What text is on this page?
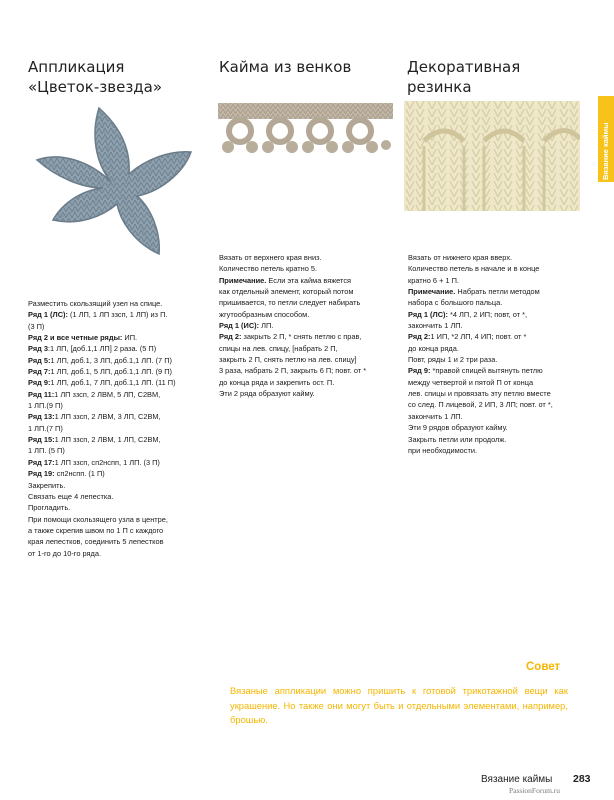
Аппликация
«Цветок-звезда»
Кайма из венков	Декоративная
резинка
Разместить скользящий узел на спице.
Ряд 1 (ЛС): (1 ЛП, 1 ЛП ззсп, 1 ЛП) из П.
(3 П)
Ряд 2 и все четные ряды: ИП.
Ряд 3:1 ЛП, [доб.1,1 ЛП] 2 раза. (5 П)
Ряд 5:1 ЛП, доб.1, 3 ЛП, доб.1,1 ЛП. (7 П)
Ряд 7:1 ЛП, доб.1, 5 ЛП, доб.1,1 ЛП. (9 П)
Ряд 9:1 ЛП, доб.1, 7 ЛП, доб.1,1 ЛП. (11 П)
Ряд 11:1 ЛП ззсп, 2 ЛВМ, 5 ЛП, С2ВМ,
1 ЛП.(9 П)
Ряд 13:1 ЛП ззсп, 2 ЛВМ, 3 ЛП, С2ВМ,
1 ЛП.(7 П)
Ряд 15:1 ЛП ззсп, 2 ЛВМ, 1 ЛП, С2ВМ,
1 ЛП. (5 П)
Ряд 17:1 ЛП ззсп, сп2нспп, 1 ЛП. (3 П)
Ряд 19: сп2нспп. (1 П)
Закрепить.
Связать еще 4 лепестка.
Прогладить.
При помощи скользящего узла в центре,
а также скрепив швом по 1 П с каждого
края лепестков, соединить 5 лепестков
от 1-го до 10-го ряда.
Вязать от верхнего края вниз.
Количество петель кратно 5.
Примечание. Если эта кайма вяжется
как отдельный элемент, который потом
пришивается, то петли следует набирать
жгутообразным способом.
Ряд 1 (ИС): ЛП.
Ряд 2: закрыть 2 П, * снять петлю с прав,
спицы на лев. спицу, [набрать 2 П,
закрыть 2 П, снять петлю на лев. спицу]
3 раза, набрать 2 П, закрыть 6 П; повт. от *
до конца ряда и закрепить ост. П.
Эти 2 ряда образуют кайму.
Вязать от нижнего края вверх.
Количество петель в начале и в конце
кратно 6 + 1 П.
Примечание. Набрать петли методом
набора с большого пальца.
Ряд 1 (ЛС): *4 ЛП, 2 ИП; повт, от *,
закончить 1 ЛП.
Ряд 2:1 ИП, *2 ЛП, 4 ИП; повт. от *
до конца ряда.
Повт, ряды 1 и 2 три раза.
Ряд 9: *правой спицей вытянуть петлю
между четвертой и пятой П от конца
лев. спицы и провязать эту петлю вместе
со след. П лицевой, 2 ИП, 3 ЛП; повт. от *,
закончить 1 ЛП.
Эти 9 рядов образуют кайму.
Закрыть петли или продолж.
при необходимости.
Вязание каймы
Совет
Вязаные аппликации можно пришить к готовой трикотажной вещи как украшение. Но также они могут быть и отдельными элементами, например, брошью.
Вязание каймы 283
PassionForum.ru
